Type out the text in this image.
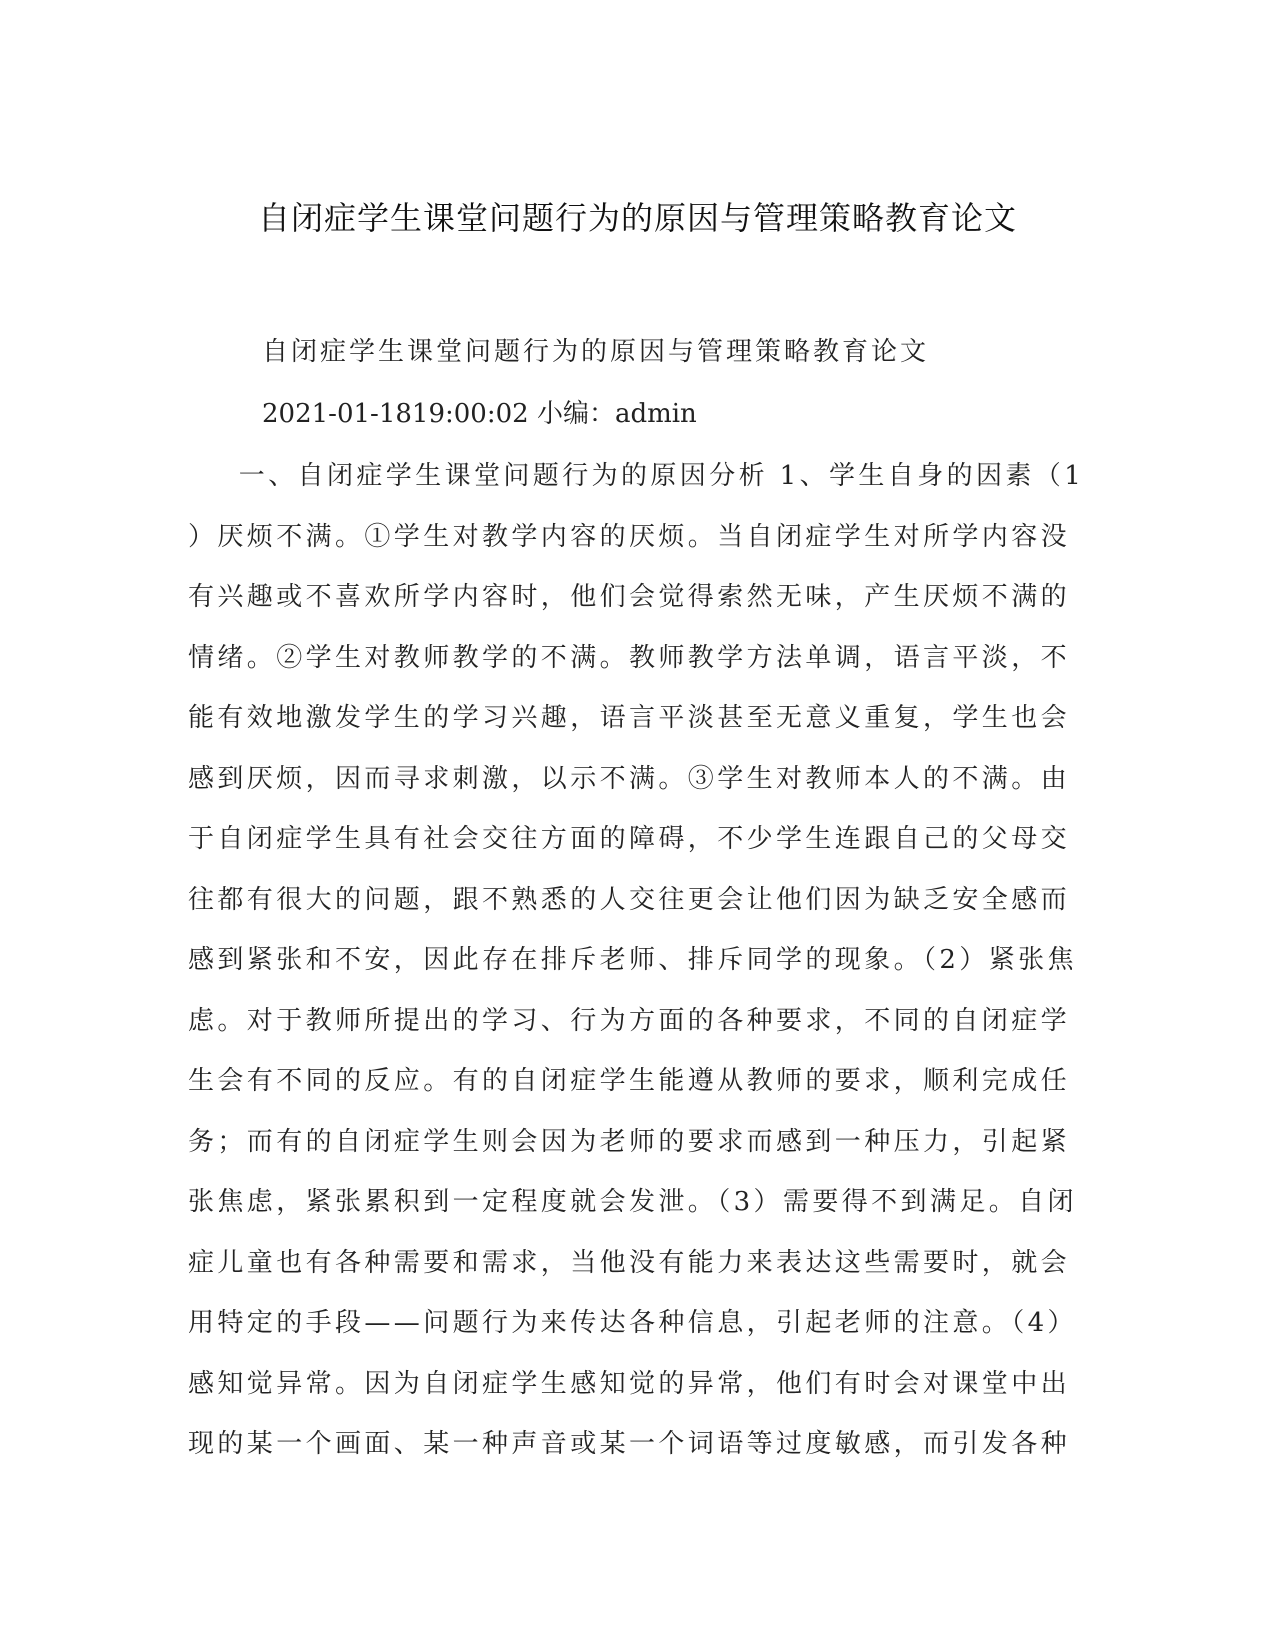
自闭症学生课堂问题行为的原因与管理策略教育论文
自闭症学生课堂问题行为的原因与管理策略教育论文
2021-01-1819:00:02 小编：admin
　　一、自闭症学生课堂问题行为的原因分析 1、学生自身的因素（1
）厌烦不满。①学生对教学内容的厌烦。当自闭症学生对所学内容没
有兴趣或不喜欢所学内容时，他们会觉得索然无味，产生厌烦不满的
情绪。②学生对教师教学的不满。教师教学方法单调，语言平淡，不
能有效地激发学生的学习兴趣，语言平淡甚至无意义重复，学生也会
感到厌烦，因而寻求刺激，以示不满。③学生对教师本人的不满。由
于自闭症学生具有社会交往方面的障碍，不少学生连跟自己的父母交
往都有很大的问题，跟不熟悉的人交往更会让他们因为缺乏安全感而
感到紧张和不安，因此存在排斥老师、排斥同学的现象。（2）紧张焦
虑。对于教师所提出的学习、行为方面的各种要求，不同的自闭症学
生会有不同的反应。有的自闭症学生能遵从教师的要求，顺利完成任
务；而有的自闭症学生则会因为老师的要求而感到一种压力，引起紧
张焦虑，紧张累积到一定程度就会发泄。（3）需要得不到满足。自闭
症儿童也有各种需要和需求，当他没有能力来表达这些需要时，就会
用特定的手段——问题行为来传达各种信息，引起老师的注意。（4）
感知觉异常。因为自闭症学生感知觉的异常，他们有时会对课堂中出
现的某一个画面、某一种声音或某一个词语等过度敏感，而引发各种
